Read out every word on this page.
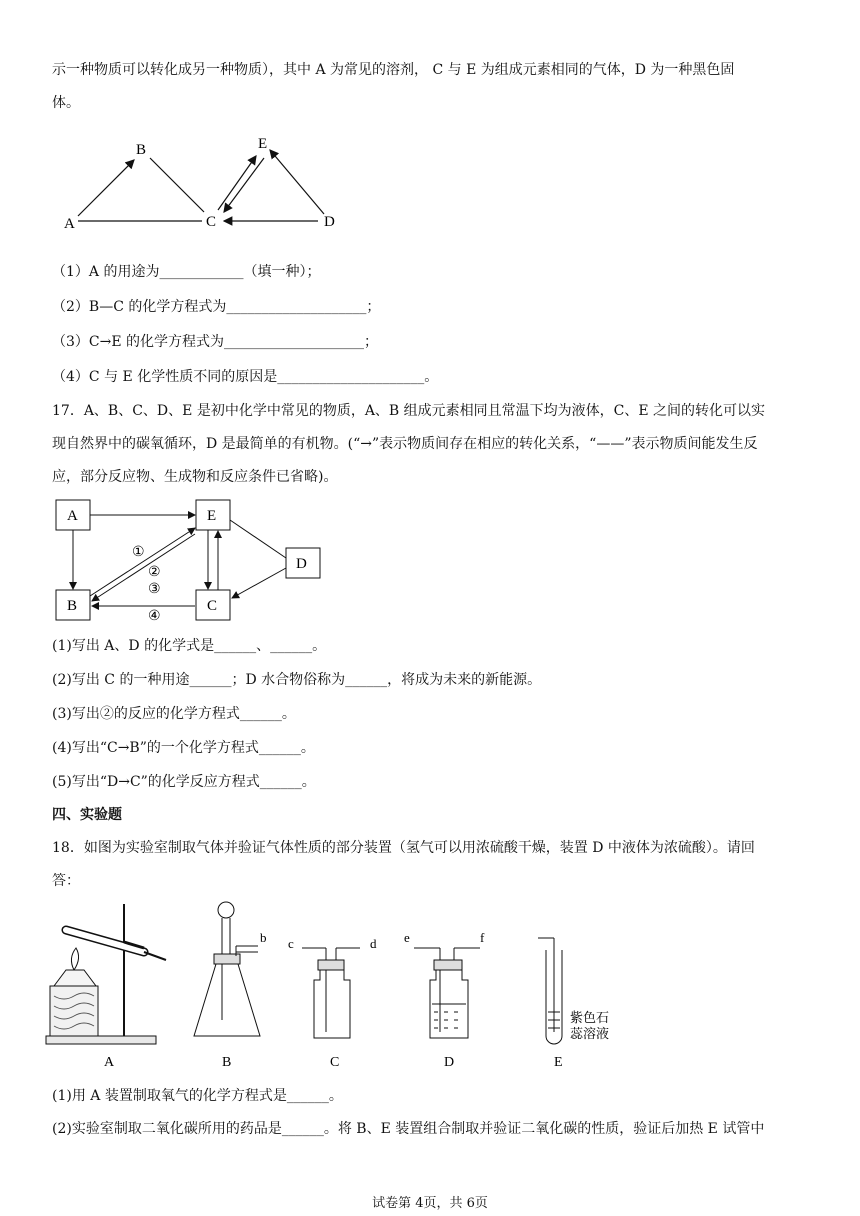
示一种物质可以转化成另一种物质），其中 A 为常见的溶剂， C 与 E 为组成元素相同的气体，D 为一种黑色固
体。
A
B
C	D
E
（1）A 的用途为____________（填一种）；
（2）B—C 的化学方程式为____________________；
（3）C→E 的化学方程式为____________________；
（4）C 与 E 化学性质不同的原因是_____________________。
17．A、B、C、D、E 是初中化学中常见的物质，A、B 组成元素相同且常温下均为液体，C、E 之间的转化可以实
现自然界中的碳氧循环，D 是最简单的有机物。(“→”表示物质间存在相应的转化关系，“——”表示物质间能发生反
应，部分反应物、生成物和反应条件已省略)。
A	E
D
B	C
①
②
③
④
(1)写出 A、D 的化学式是______、______。
(2)写出 C 的一种用途______；D 水合物俗称为______，将成为未来的新能源。
(3)写出②的反应的化学方程式______。
(4)写出“C→B”的一个化学方程式______。
(5)写出“D→C”的化学反应方程式______。
四、实验题
18．如图为实验室制取气体并验证气体性质的部分装置（氢气可以用浓硫酸干燥，装置 D 中液体为浓硫酸）。请回
答：
A
b
B
c	d
C
e	f
D
紫色石
蕊溶液
E
(1)用 A 装置制取氧气的化学方程式是______。
(2)实验室制取二氧化碳所用的药品是______。将 B、E 装置组合制取并验证二氧化碳的性质，验证后加热 E 试管中
试卷第 4页，共 6页
